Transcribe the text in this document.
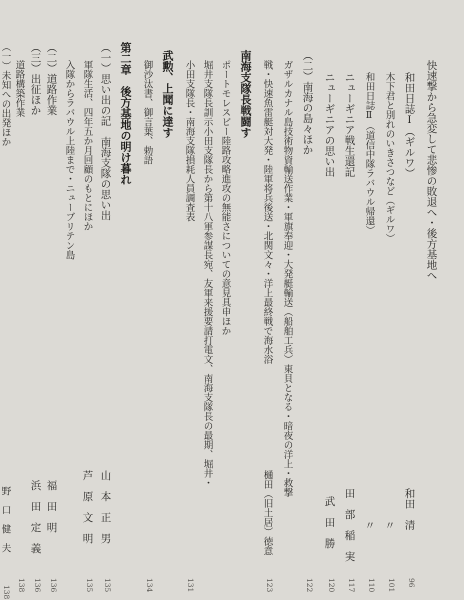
快速撃から急変して悲惨の敗退へ・後方基地へ
和田日誌Ⅰ（ギルワ）
和田　清
96
木下君と別れのいきさつなど（ギルワ）
〃
101
和田日誌Ⅱ（道信中隊ラバウル帰還）
〃
110
ニューギニア戦生還記
田　部　稲　実
117
ニューギニアの思い出
武　田　勝
120
（二）南海の島々ほか
122
ガザルカナル島技術物資輸送作業・軍旗奉迎・大発艇輸送（船舶工兵）東貝となる・暗夜の洋上・救撃
戦・快速魚雷艇対大発・陸軍将兵後送・北関文々・洋上最終戦で海水浴
樋田（旧土居）徳意
123
南海支隊長戦闘す
ポートモレスビー陸路攻略進攻の無能さについての意見具申ほか
堀井支隊長訓示小田支隊長から第十八軍参謀長宛、友軍来援要請打電文、南海支隊長の最期、堀井・
小田支隊長・南海支隊損耗人員調査表
131
武勲、上聞に達す
御沙汰書、御言葉、勅語
134
第二章　後方基地の明け暮れ
（一）思い出の記　南海支隊の思い出
山　本　正　男
135
軍隊生活、四年五か月回顧のもとにほか
芦　原　文　明
135
入隊からラバウル上陸まで・ニューブリテン島
（二）道路作業
福　田　明
136
（三）出征ほか
浜　田　定　義
136
道路構築作業
138
（一）未知への出発ほか
野　口　健　夫
138
